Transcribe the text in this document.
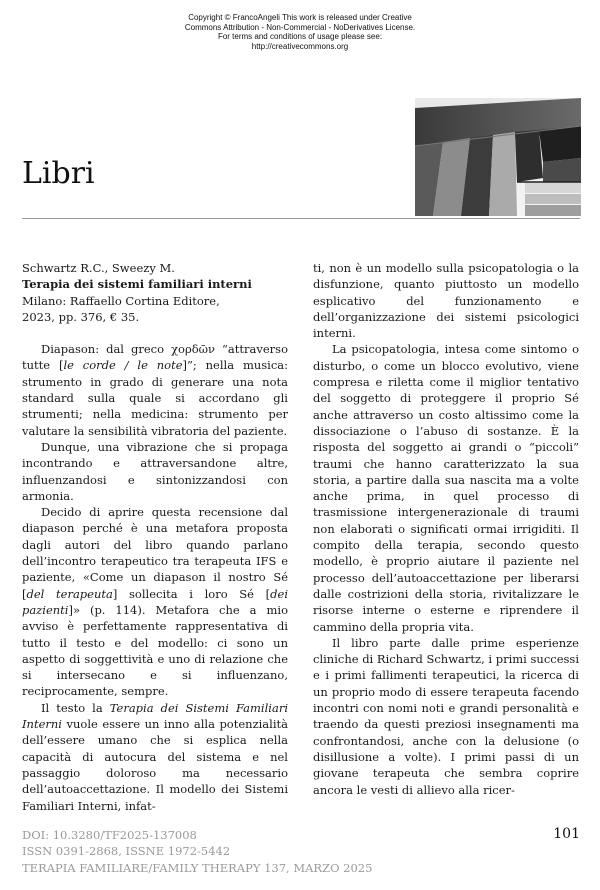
Copyright © FrancoAngeli This work is released under Creative
Commons Attribution - Non-Commercial - NoDerivatives License.
For terms and conditions of usage please see:
http://creativecommons.org
Libri

Schwartz R.C., Sweezy M.

Terapia dei sistemi familiari interni

Milano: Raffaello Cortina Editore,

2023, pp. 376, € 35.

Diapason: dal greco χορδῶν “attraverso tutte [le corde / le note]”; nella musica: strumento in grado di generare una nota standard sulla quale si accordano gli strumenti; nella medicina: strumento per valutare la sensibilità vibratoria del paziente.

Dunque, una vibrazione che si propaga incontrando e attraversandone altre, influenzandosi e sintonizzandosi con armonia.

Decido di aprire questa recensione dal diapason perché è una metafora proposta dagli autori del libro quando parlano dell’incontro terapeutico tra terapeuta IFS e paziente, «Come un diapason il nostro Sé [del terapeuta] sollecita i loro Sé [dei pazienti]» (p. 114). Metafora che a mio avviso è perfettamente rappresentativa di tutto il testo e del modello: ci sono un aspetto di soggettività e uno di relazione che si intersecano e si influenzano, reciprocamente, sempre.

Il testo la Terapia dei Sistemi Familiari Interni vuole essere un inno alla potenzialità dell’essere umano che si esplica nella capacità di autocura del sistema e nel passaggio doloroso ma necessario dell’autoaccettazione. Il modello dei Sistemi Familiari Interni, infat-

ti, non è un modello sulla psicopatologia o la disfunzione, quanto piuttosto un modello esplicativo del funzionamento e dell’organizzazione dei sistemi psicologici interni.

La psicopatologia, intesa come sintomo o disturbo, o come un blocco evolutivo, viene compresa e riletta come il miglior tentativo del soggetto di proteggere il proprio Sé anche attraverso un costo altissimo come la dissociazione o l’abuso di sostanze. È la risposta del soggetto ai grandi o “piccoli” traumi che hanno caratterizzato la sua storia, a partire dalla sua nascita ma a volte anche prima, in quel processo di trasmissione intergenerazionale di traumi non elaborati o significati ormai irrigiditi. Il compito della terapia, secondo questo modello, è proprio aiutare il paziente nel processo dell’autoaccettazione per liberarsi dalle costrizioni della storia, rivitalizzare le risorse interne o esterne e riprendere il cammino della propria vita.

Il libro parte dalle prime esperienze cliniche di Richard Schwartz, i primi successi e i primi fallimenti terapeutici, la ricerca di un proprio modo di essere terapeuta facendo incontri con nomi noti e grandi personalità e traendo da questi preziosi insegnamenti ma confrontandosi, anche con la delusione (o disillusione a volte). I primi passi di un giovane terapeuta che sembra coprire ancora le vesti di allievo alla ricer-

DOI: 10.3280/TF2025-137008
ISSN 0391-2868, ISSNE 1972-5442
TERAPIA FAMILIARE/FAMILY THERAPY 137, MARZO 2025
101
